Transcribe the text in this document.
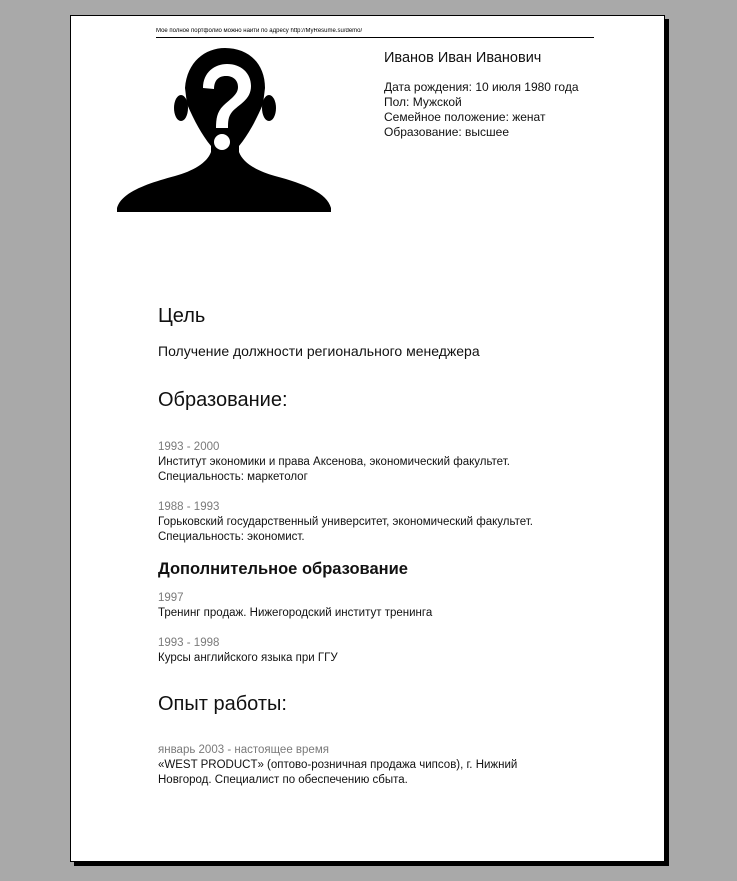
Мое полное портфолио можно найти по адресу http://MyResume.su/demo/
Иванов Иван Иванович
Дата рождения: 10 июля 1980 года
Пол: Мужской
Семейное положение: женат
Образование: высшее
Цель
Получение должности регионального менеджера
Образование:
1993 - 2000
Институт экономики и права Аксенова, экономический факультет.
Специальность: маркетолог
1988 - 1993
Горьковский государственный университет, экономический факультет.
Специальность: экономист.
Дополнительное образование
1997
Тренинг продаж. Нижегородский институт тренинга
1993 - 1998
Курсы английского языка при ГГУ
Опыт работы:
январь 2003 - настоящее время
«WEST PRODUCT» (оптово-розничная продажа чипсов), г. Нижний
Новгород. Специалист по обеспечению сбыта.
